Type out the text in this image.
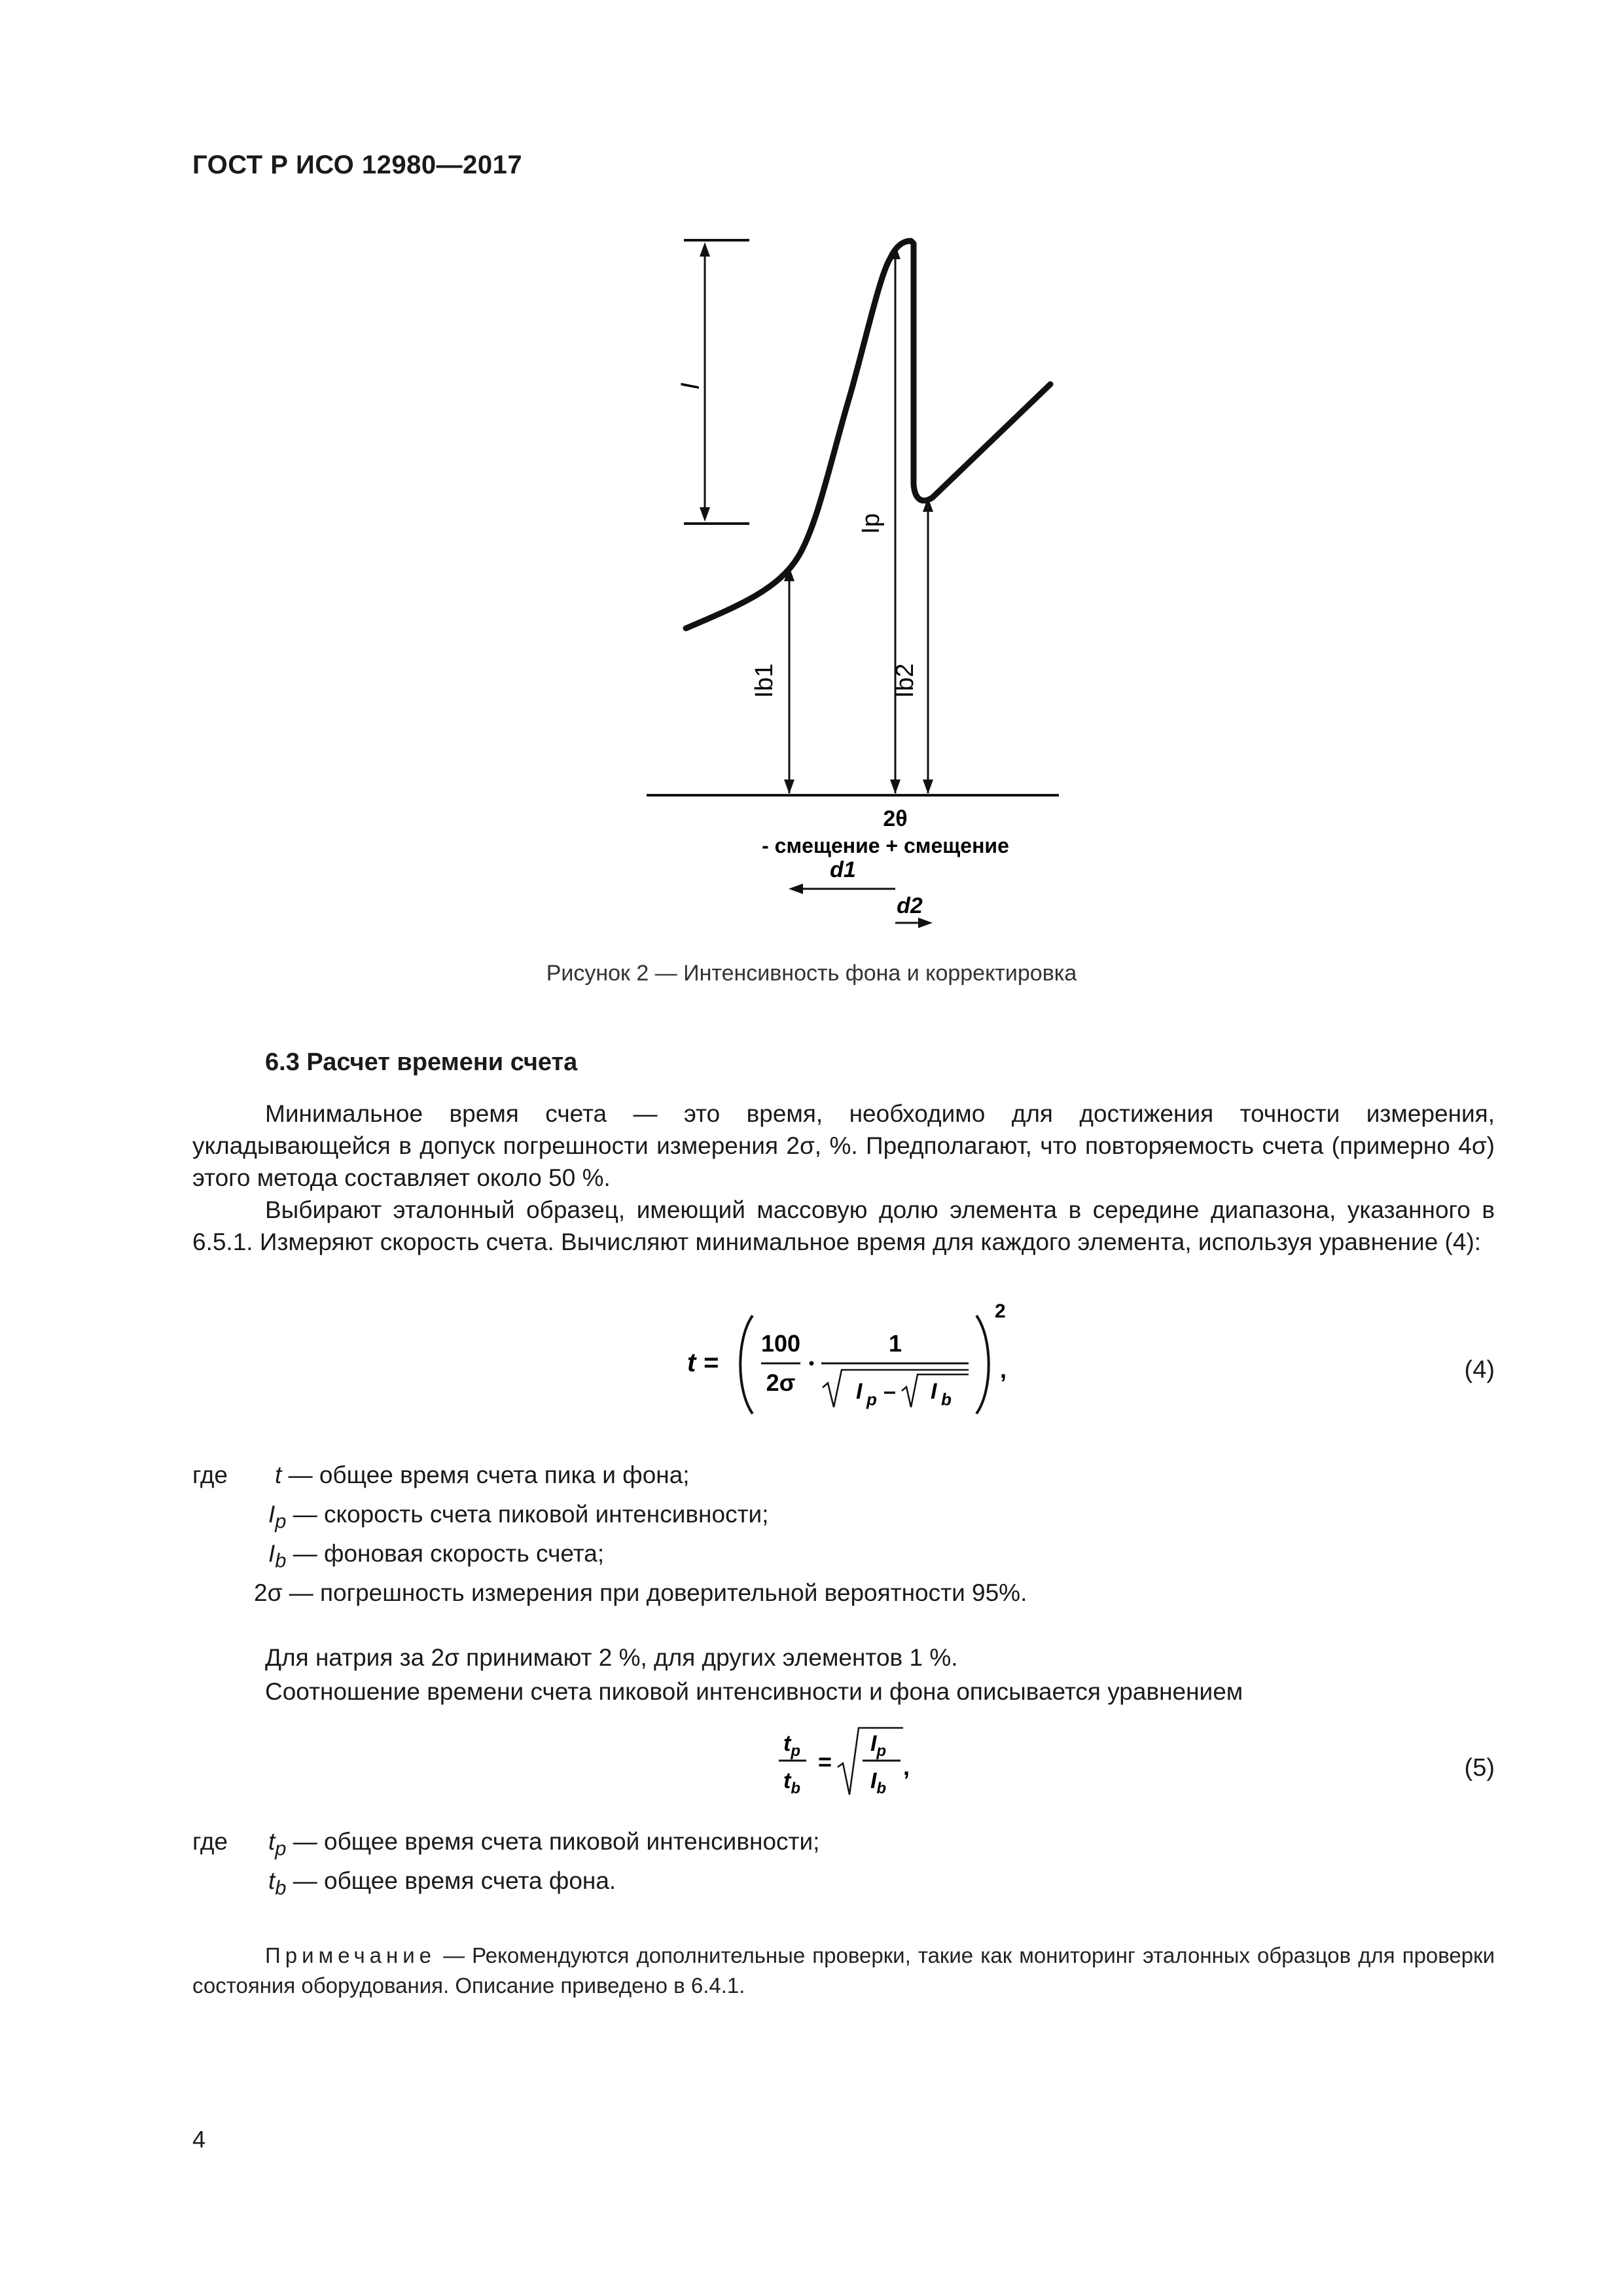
ГОСТ Р ИСО 12980—2017
I
Ib1
Ip
Ib2
2θ
- смещение + смещение
d1
d2
Рисунок 2 — Интенсивность фона и корректировка
6.3 Расчет времени счета
Минимальное время счета — это время, необходимо для достижения точности измерения, укладывающейся в допуск погрешности измерения 2σ, %. Предполагают, что повторяемость счета (примерно 4σ) этого метода составляет около 50 %.
Выбирают эталонный образец, имеющий массовую долю элемента в середине диапазона, указанного в 6.5.1. Измеряют скорость счета. Вычисляют минимальное время для каждого элемента, используя уравнение (4):
t =
100
2σ
1
I p – I b
2
,	(4)
где t — общее время счета пика и фона;
$I_p$ — скорость счета пиковой интенсивности;
$I_b$ — фоновая скорость счета;
2σ — погрешность измерения при доверительной вероятности 95%.
Для натрия за 2σ принимают 2 %, для других элементов 1 %.
Соотношение времени счета пиковой интенсивности и фона описывается уравнением
$t_p$
$t_b$
=
$I_p$
$I_b$
,	(5)
где $t_p$ — общее время счета пиковой интенсивности;
$t_b$ — общее время счета фона.
Примечание — Рекомендуются дополнительные проверки, такие как мониторинг эталонных образцов для проверки состояния оборудования. Описание приведено в 6.4.1.
4
